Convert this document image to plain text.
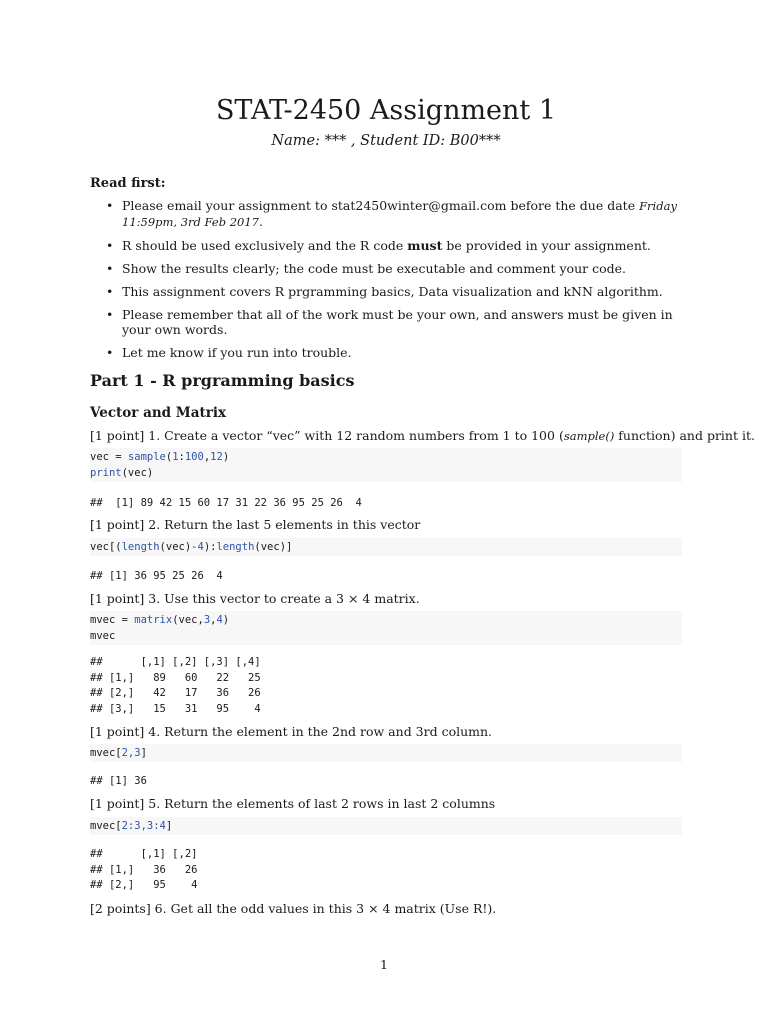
STAT-2450 Assignment 1
Name: *** , Student ID: B00***
Read first:
• Please email your assignment to stat2450winter@gmail.com before the due date Friday 11:59pm, 3rd Feb 2017.
• R should be used exclusively and the R code must be provided in your assignment.
• Show the results clearly; the code must be executable and comment your code.
• This assignment covers R prgramming basics, Data visualization and kNN algorithm.
• Please remember that all of the work must be your own, and answers must be given in your own words.
• Let me know if you run into trouble.
Part 1 - R prgramming basics
Vector and Matrix
[1 point] 1. Create a vector “vec” with 12 random numbers from 1 to 100 (sample() function) and print it.
vec = sample(1:100,12)
print(vec)
##  [1] 89 42 15 60 17 31 22 36 95 25 26  4
[1 point] 2. Return the last 5 elements in this vector
vec[(length(vec)-4):length(vec)]
## [1] 36 95 25 26  4
[1 point] 3. Use this vector to create a 3 × 4 matrix.
mvec = matrix(vec,3,4)
mvec
##      [,1] [,2] [,3] [,4]
## [1,]   89   60   22   25
## [2,]   42   17   36   26
## [3,]   15   31   95    4
[1 point] 4. Return the element in the 2nd row and 3rd column.
mvec[2,3]
## [1] 36
[1 point] 5. Return the elements of last 2 rows in last 2 columns
mvec[2:3,3:4]
##      [,1] [,2]
## [1,]   36   26
## [2,]   95    4
[2 points] 6. Get all the odd values in this 3 × 4 matrix (Use R!).
1
